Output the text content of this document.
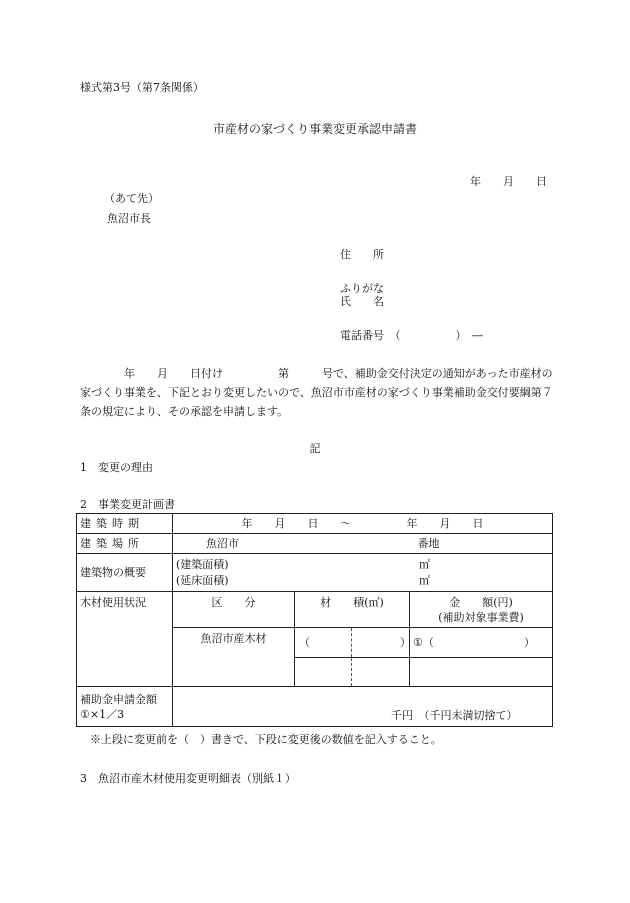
様式第3号（第7条関係）
市産材の家づくり事業変更承認申請書
年　　月　　日
（あて先）
魚沼市長
住　　所
ふりがな
氏　　名
電話番号　（　　　　　）　―
年　　月　　日付け　　　　　第　　　号で、補助金交付決定の通知があった市産材の家づくり事業を、下記とおり変更したいので、魚沼市市産材の家づくり事業補助金交付要綱第７条の規定により、その承認を申請します。
記
1　変更の理由
2　事業変更計画書
建築時期	年　　月　　日　　～　　　　　年　　月　　日		
建築場所	魚沼市 番地		
建築物の概要	(建築面積) ㎡
(延床面積) ㎡		

木材使用状況	区　　分	材　　積(㎥)	金　　額(円)
(補助対象事業費)

	魚沼市産木材	（ ）	①（ ）

補助金申請金額
①×1／3	千円　（千円未満切捨て）		
※上段に変更前を（　）書きで、下段に変更後の数値を記入すること。
3　魚沼市産木材使用変更明細表（別紙１）
